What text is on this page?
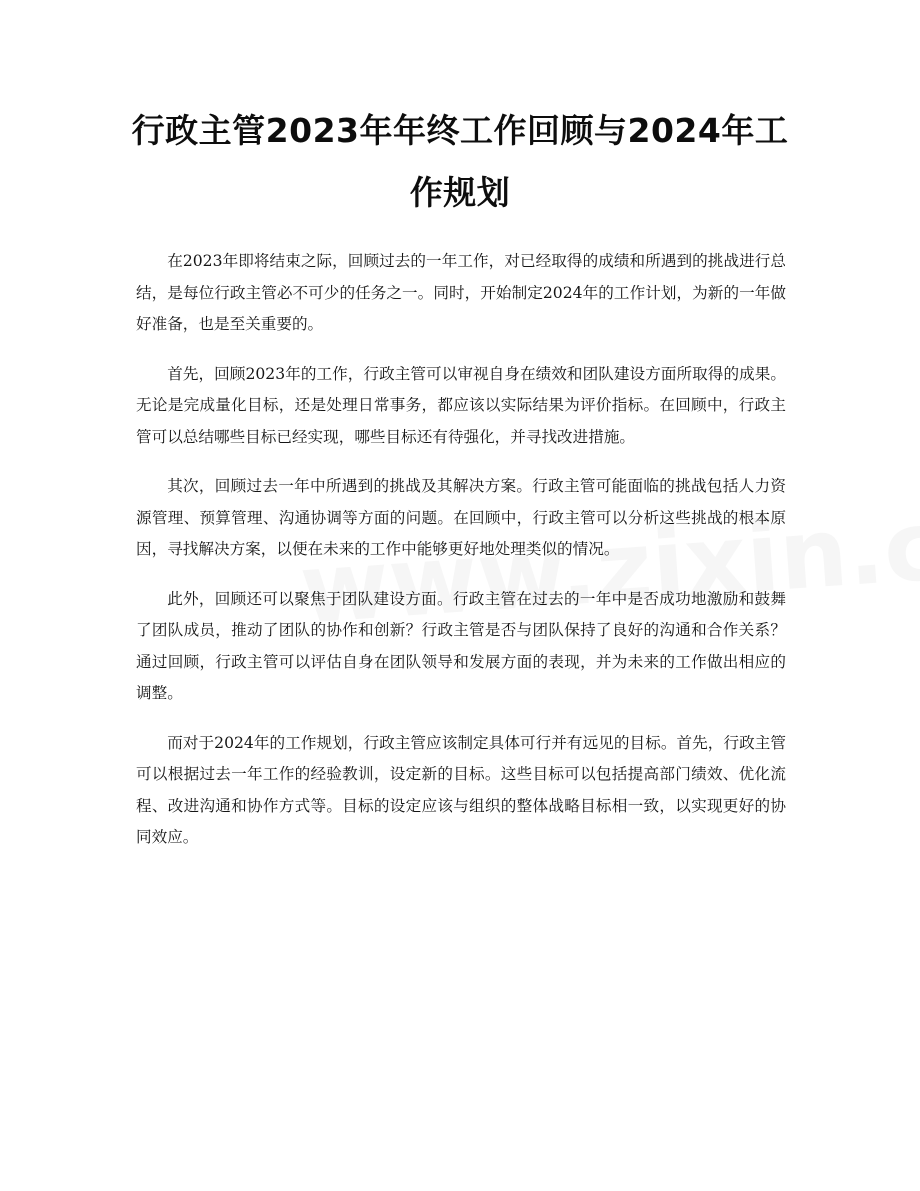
行政主管2023年年终工作回顾与2024年工作规划

在2023年即将结束之际，回顾过去的一年工作，对已经取得的成绩和所遇到的挑战进行总结，是每位行政主管必不可少的任务之一。同时，开始制定2024年的工作计划，为新的一年做好准备，也是至关重要的。

首先，回顾2023年的工作，行政主管可以审视自身在绩效和团队建设方面所取得的成果。无论是完成量化目标，还是处理日常事务，都应该以实际结果为评价指标。在回顾中，行政主管可以总结哪些目标已经实现，哪些目标还有待强化，并寻找改进措施。

其次，回顾过去一年中所遇到的挑战及其解决方案。行政主管可能面临的挑战包括人力资源管理、预算管理、沟通协调等方面的问题。在回顾中，行政主管可以分析这些挑战的根本原因，寻找解决方案，以便在未来的工作中能够更好地处理类似的情况。

此外，回顾还可以聚焦于团队建设方面。行政主管在过去的一年中是否成功地激励和鼓舞了团队成员，推动了团队的协作和创新？行政主管是否与团队保持了良好的沟通和合作关系？通过回顾，行政主管可以评估自身在团队领导和发展方面的表现，并为未来的工作做出相应的调整。

而对于2024年的工作规划，行政主管应该制定具体可行并有远见的目标。首先，行政主管可以根据过去一年工作的经验教训，设定新的目标。这些目标可以包括提高部门绩效、优化流程、改进沟通和协作方式等。目标的设定应该与组织的整体战略目标相一致，以实现更好的协同效应。
